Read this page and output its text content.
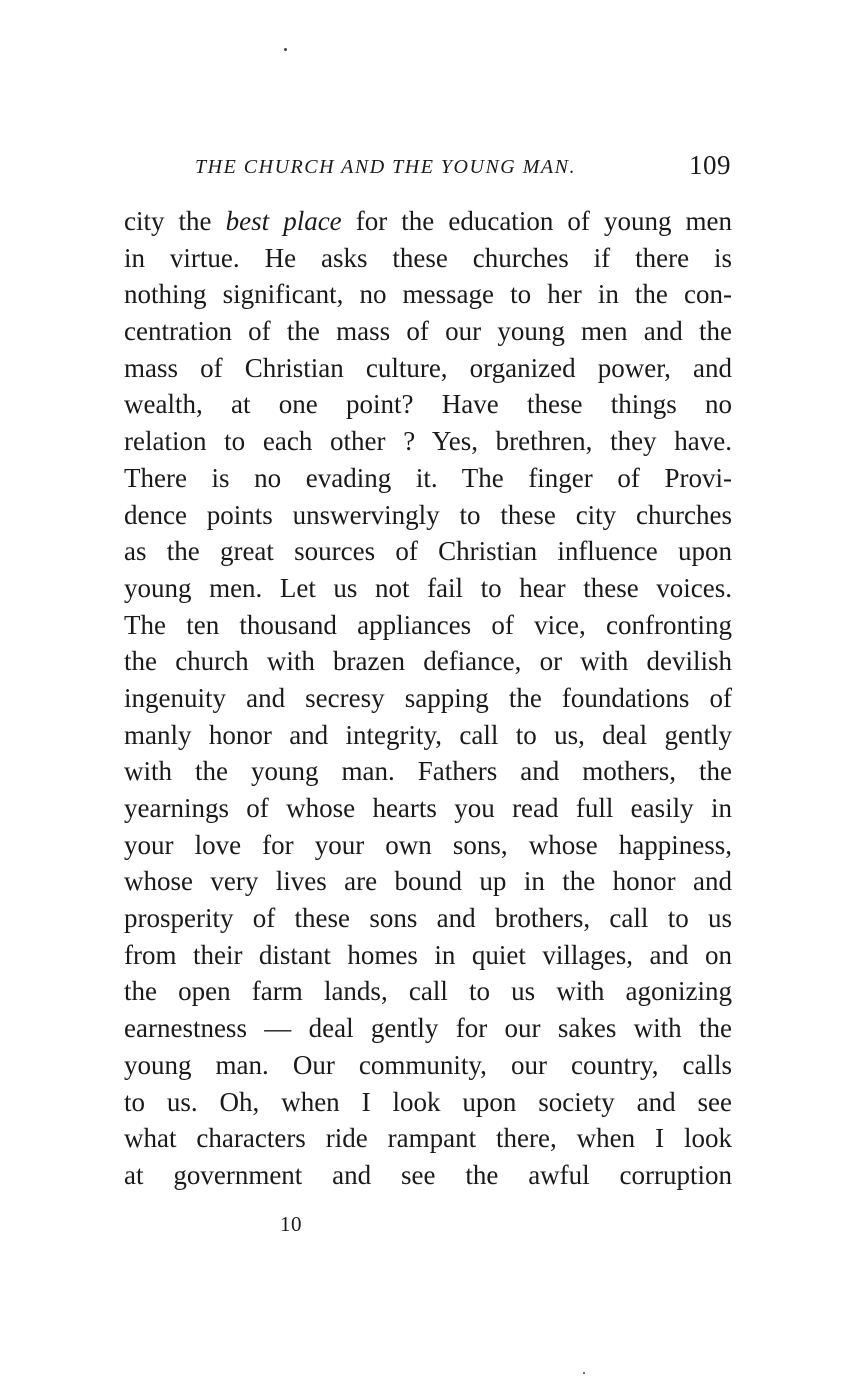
THE CHURCH AND THE YOUNG MAN.	109
city the best place for the education of young men
in virtue. He asks these churches if there is
nothing significant, no message to her in the con-
centration of the mass of our young men and the
mass of Christian culture, organized power, and
wealth, at one point? Have these things no
relation to each other ? Yes, brethren, they have.
There is no evading it. The finger of Provi-
dence points unswervingly to these city churches
as the great sources of Christian influence upon
young men. Let us not fail to hear these voices.
The ten thousand appliances of vice, confronting
the church with brazen defiance, or with devilish
ingenuity and secresy sapping the foundations of
manly honor and integrity, call to us, deal gently
with the young man. Fathers and mothers, the
yearnings of whose hearts you read full easily in
your love for your own sons, whose happiness,
whose very lives are bound up in the honor and
prosperity of these sons and brothers, call to us
from their distant homes in quiet villages, and on
the open farm lands, call to us with agonizing
earnestness — deal gently for our sakes with the
young man. Our community, our country, calls
to us. Oh, when I look upon society and see
what characters ride rampant there, when I look
at government and see the awful corruption
10
